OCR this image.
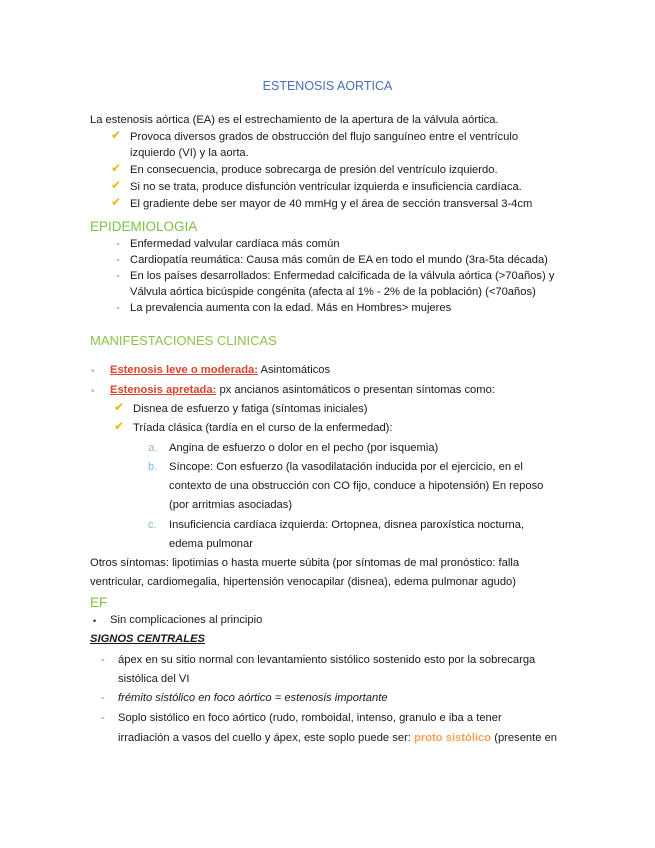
ESTENOSIS AORTICA
La estenosis aórtica (EA) es el estrechamiento de la apertura de la válvula aórtica.
✔ Provoca diversos grados de obstrucción del flujo sanguíneo entre el ventrículo
izquierdo (VI) y la aorta.
✔ En consecuencia, produce sobrecarga de presión del ventrículo izquierdo.
✔ Si no se trata, produce disfunción ventricular izquierda e insuficiencia cardíaca.
✔ El gradiente debe ser mayor de 40 mmHg y el área de sección transversal 3-4cm
EPIDEMIOLOGIA
- Enfermedad valvular cardíaca más común
- Cardiopatía reumática: Causa más común de EA en todo el mundo (3ra-5ta década)
- En los países desarrollados: Enfermedad calcificada de la válvula aórtica (>70años) y
Válvula aórtica bicúspide congénita (afecta al 1% - 2% de la población) (<70años)
- La prevalencia aumenta con la edad. Más en Hombres> mujeres
MANIFESTACIONES CLINICAS
• Estenosis leve o moderada: Asintomáticos
• Estenosis apretada: px ancianos asintomáticos o presentan síntomas como:
✔ Disnea de esfuerzo y fatiga (síntomas iniciales)
✔ Tríada clásica (tardía en el curso de la enfermedad):
a. Angina de esfuerzo o dolor en el pecho (por isquemia)
b. Síncope: Con esfuerzo (la vasodilatación inducida por el ejercicio, en el
contexto de una obstrucción con CO fijo, conduce a hipotensión) En reposo
(por arritmias asociadas)
c. Insuficiencia cardíaca izquierda: Ortopnea, disnea paroxística nocturna,
edema pulmonar
Otros síntomas: lipotimias o hasta muerte súbita (por síntomas de mal pronóstico: falla
ventricular, cardiomegalia, hipertensión venocapilar (disnea), edema pulmonar agudo)
EF
• Sin complicaciones al principio
SIGNOS CENTRALES
- ápex en su sitio normal con levantamiento sistólico sostenido esto por la sobrecarga
sistólica del VI
- frémito sistólico en foco aórtico = estenosis importante
- Soplo sistólico en foco aórtico (rudo, romboidal, intenso, granulo e iba a tener
irradiación a vasos del cuello y ápex, este soplo puede ser: proto sistólico (presente en
